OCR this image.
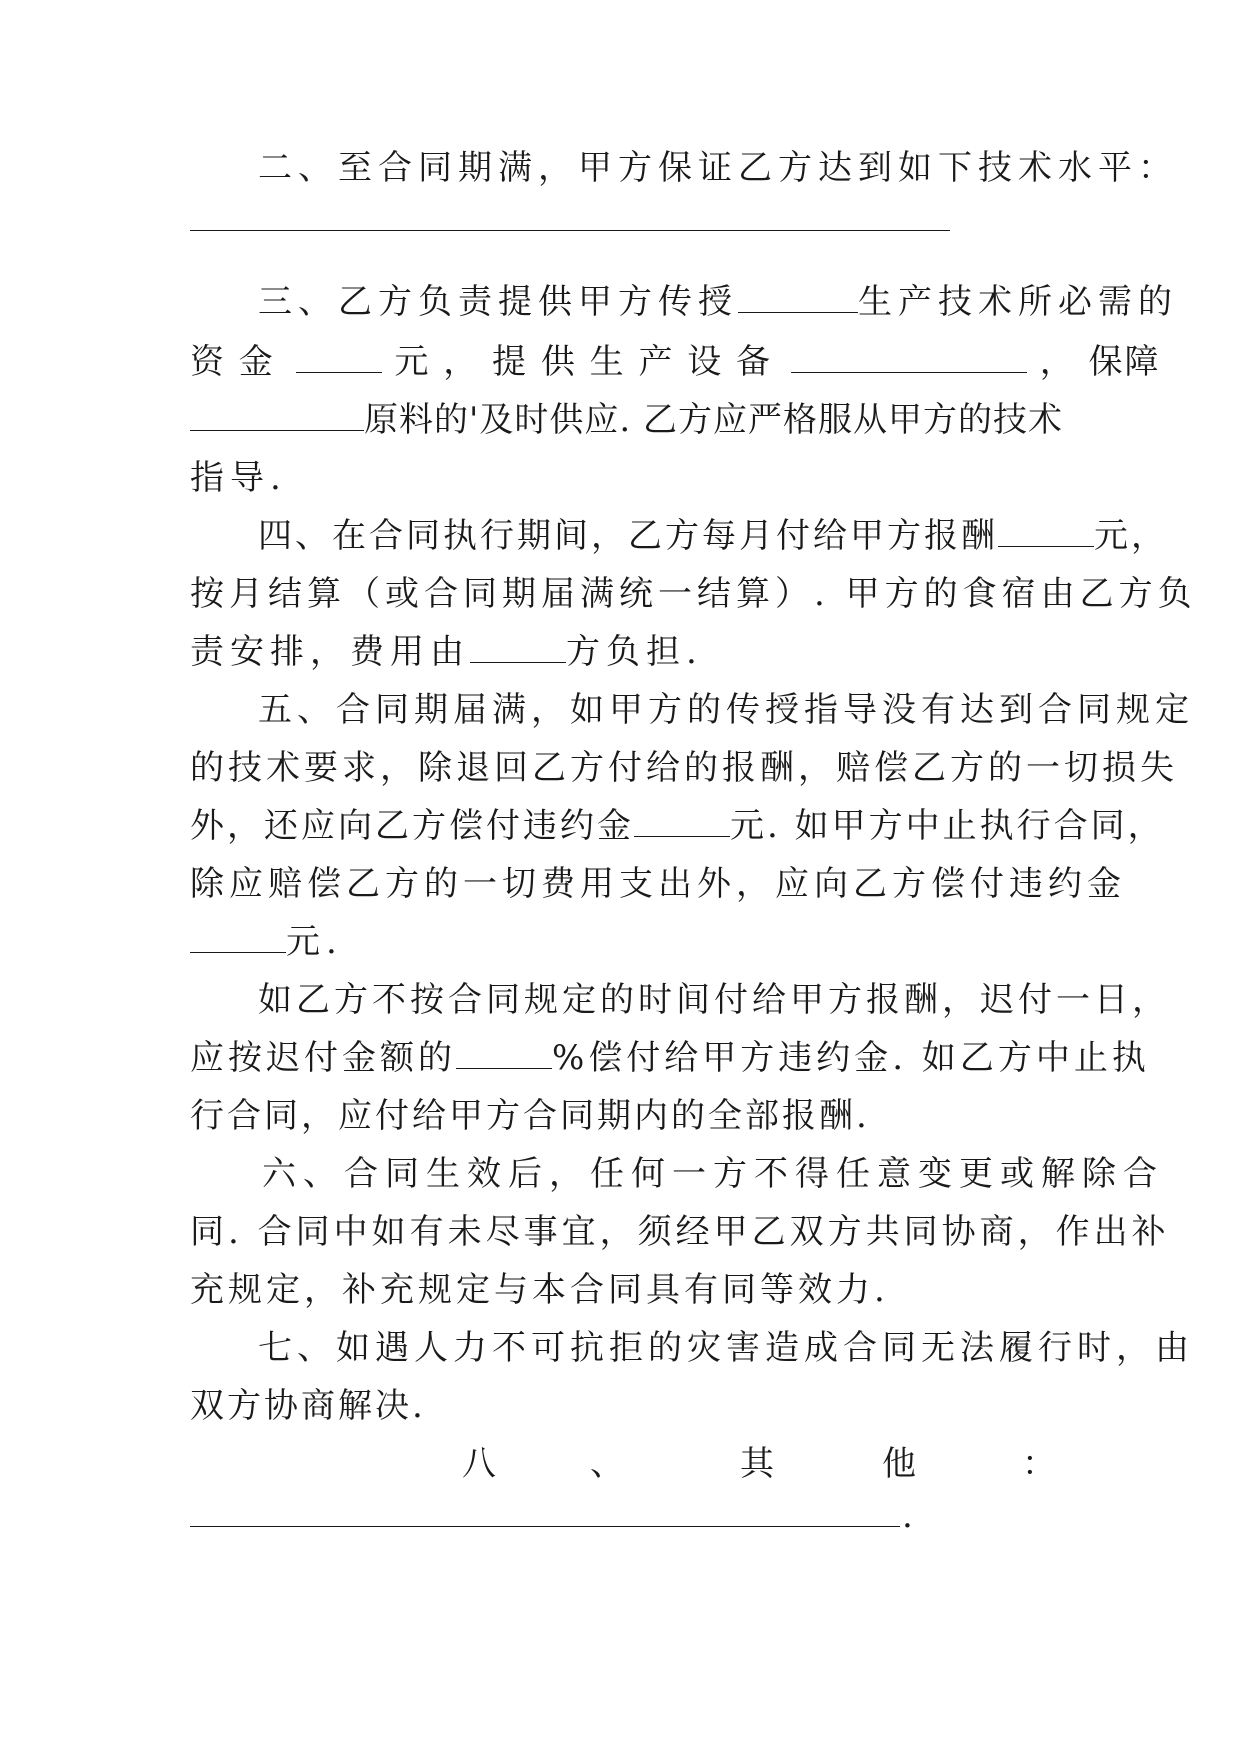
二、至合同期满，甲方保证乙方达到如下技术水平：
三、乙方负责提供甲方传授	生产技术所必需的
资 金	元 ， 提 供 生 产 设 备	， 保障
原料的'及时供应. 乙方应严格服从甲方的技术
指导.
四、在合同执行期间，乙方每月付给甲方报酬	元，
按月结算（或合同期届满统一结算）. 甲方的食宿由乙方负
责安排，费用由	方负担.
五、合同期届满，如甲方的传授指导没有达到合同规定
的技术要求，除退回乙方付给的报酬，赔偿乙方的一切损失
外，还应向乙方偿付违约金	元. 如甲方中止执行合同，
除应赔偿乙方的一切费用支出外，应向乙方偿付违约金
元.
如乙方不按合同规定的时间付给甲方报酬，迟付一日，
应按迟付金额的	%偿付给甲方违约金. 如乙方中止执
行合同，应付给甲方合同期内的全部报酬.
六、合同生效后，任何一方不得任意变更或解除合
同. 合同中如有未尽事宜，须经甲乙双方共同协商，作出补
充规定，补充规定与本合同具有同等效力.
七、如遇人力不可抗拒的灾害造成合同无法履行时，由
双方协商解决.
八	、	其	他	：
.
